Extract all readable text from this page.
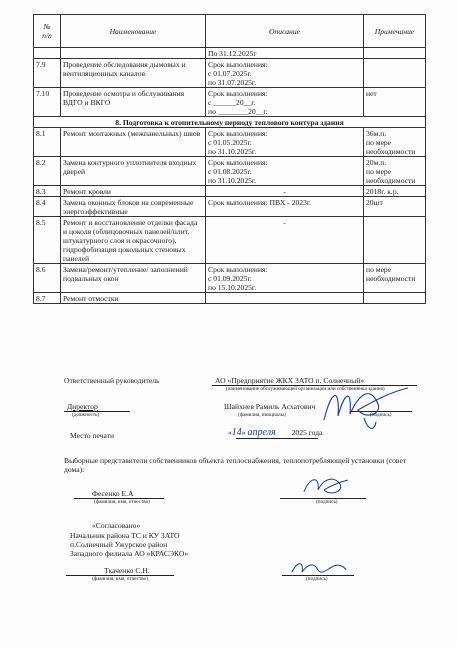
№
п/п	Наименование	Описание	Примечание
		По 31.12.2025г	
7.9	Проведение обследования дымовых и вентиляционных каналов	Срок выполнения:
с 01.07.2025г.
по 31.07.2025г.	
7.10	Проведение осмотра и обслуживания ВДГО и ВКГО	Срок выполнения:
с ______20__г.
по ________20__г.	нет
8. Подготовка к отопительному периоду теплового контура здания			
8.1	Ремонт монтажных (межпанельных) швов	Срок выполнения:
с 01.05.2025г.
по 31.10.2025г.	36м.п.
по мере необходимости
8.2	Замена контурного уплотнителя входных дверей	Срок выполнения:
с 01.08.2025г.
по 31.10.2025г.	20м.п.
по мере необходимости
8.3	Ремонт кровли	-	2018г. к.р.
8.4	Замена оконных блоков на современные энергоэффективные	Срок выполнения: ПВХ - 2023г.	20шт
8.5	Ремонт и восстановление отделки фасада и цоколя (облицовочных панелей/плит, штукатурного слоя и окрасочного), гидрофобизация цокольных стеновых панелей	-	
8.6	Замена/ремонт/утепление/ заполнений подвальных окон	Срок выполнения:
с 01.09.2025г.
по 15.10.2025г.	по мере необходимости
8.7	Ремонт отмостки		
Ответственный руководитель	АО «Предприятие ЖКХ ЗАТО п. Солнечный»
(наименование обслуживающей организации или собственника здания)
Директор
(должность)
Шайхнев Рамиль Асхатович
(фамилия, инициалы)	(подпись)
Место печати	«14» апреля 2025 года
Выборные представители собственников объекта теплоснабжения, теплопотребляющей установки (совет дома):
Фесенко Е.А
(фамилия, имя, отчество)	(подпись)
«Согласовано»
Начальник района ТС и КУ ЗАТО
п.Солнечный Ужурское район
Западного филиала АО «КРАСЭКО»
Ткаченко С.Н.
(фамилия, имя, отчество)	(подпись)
